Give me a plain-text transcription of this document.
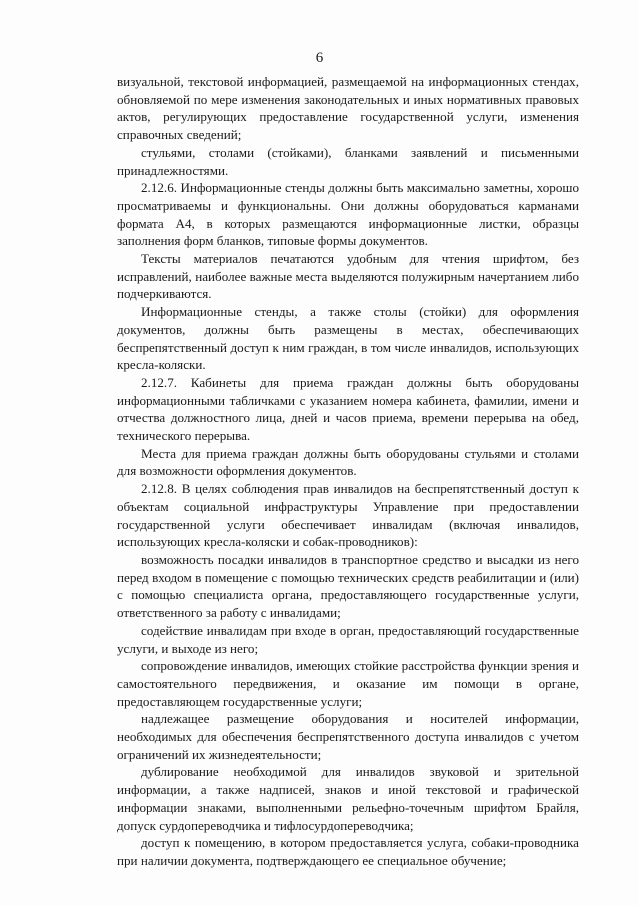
6

визуальной, текстовой информацией, размещаемой на информационных стендах, обновляемой по мере изменения законодательных и иных нормативных правовых актов, регулирующих предоставление государственной услуги, изменения справочных сведений;

стульями, столами (стойками), бланками заявлений и письменными принадлежностями.

2.12.6. Информационные стенды должны быть максимально заметны, хорошо просматриваемы и функциональны. Они должны оборудоваться карманами формата А4, в которых размещаются информационные листки, образцы заполнения форм бланков, типовые формы документов.

Тексты материалов печатаются удобным для чтения шрифтом, без исправлений, наиболее важные места выделяются полужирным начертанием либо подчеркиваются.

Информационные стенды, а также столы (стойки) для оформления документов, должны быть размещены в местах, обеспечивающих беспрепятственный доступ к ним граждан, в том числе инвалидов, использующих кресла-коляски.

2.12.7. Кабинеты для приема граждан должны быть оборудованы информационными табличками с указанием номера кабинета, фамилии, имени и отчества должностного лица, дней и часов приема, времени перерыва на обед, технического перерыва.

Места для приема граждан должны быть оборудованы стульями и столами для возможности оформления документов.

2.12.8. В целях соблюдения прав инвалидов на беспрепятственный доступ к объектам социальной инфраструктуры Управление при предоставлении государственной услуги обеспечивает инвалидам (включая инвалидов, использующих кресла-коляски и собак-проводников):

возможность посадки инвалидов в транспортное средство и высадки из него перед входом в помещение с помощью технических средств реабилитации и (или) с помощью специалиста органа, предоставляющего государственные услуги, ответственного за работу с инвалидами;

содействие инвалидам при входе в орган, предоставляющий государственные услуги, и выходе из него;

сопровождение инвалидов, имеющих стойкие расстройства функции зрения и самостоятельного передвижения, и оказание им помощи в органе, предоставляющем государственные услуги;

надлежащее размещение оборудования и носителей информации, необходимых для обеспечения беспрепятственного доступа инвалидов с учетом ограничений их жизнедеятельности;

дублирование необходимой для инвалидов звуковой и зрительной информации, а также надписей, знаков и иной текстовой и графической информации знаками, выполненными рельефно-точечным шрифтом Брайля, допуск сурдопереводчика и тифлосурдопереводчика;

доступ к помещению, в котором предоставляется услуга, собаки-проводника при наличии документа, подтверждающего ее специальное обучение;
